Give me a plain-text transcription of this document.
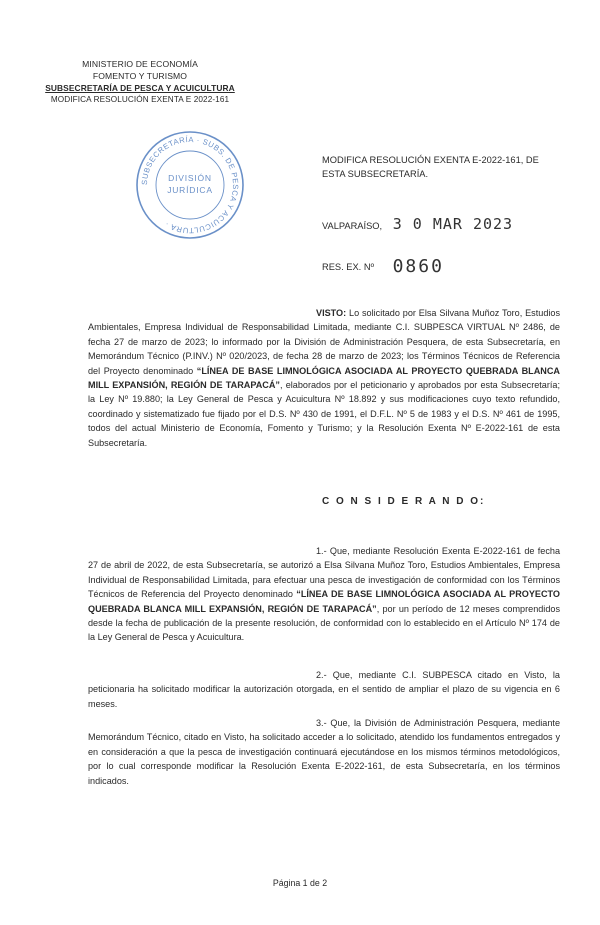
MINISTERIO DE ECONOMÍA
FOMENTO Y TURISMO
SUBSECRETARÍA DE PESCA Y ACUICULTURA
MODIFICA RESOLUCIÓN EXENTA E 2022-161
SUBSECRETARÍA · SUBS. DE PESCA Y ACUICULTURA ·
DIVISIÓN
JURÍDICA
MODIFICA RESOLUCIÓN EXENTA E-2022-161, DE ESTA SUBSECRETARÍA.
VALPARAÍSO, 3 0 MAR 2023
RES. EX. Nº 0860

VISTO: Lo solicitado por Elsa Silvana Muñoz Toro, Estudios Ambientales, Empresa Individual de Responsabilidad Limitada, mediante C.I. SUBPESCA VIRTUAL Nº 2486, de fecha 27 de marzo de 2023; lo informado por la División de Administración Pesquera, de esta Subsecretaría, en Memorándum Técnico (P.INV.) Nº 020/2023, de fecha 28 de marzo de 2023; los Términos Técnicos de Referencia del Proyecto denominado “LÍNEA DE BASE LIMNOLÓGICA ASOCIADA AL PROYECTO QUEBRADA BLANCA MILL EXPANSIÓN, REGIÓN DE TARAPACÁ”, elaborados por el peticionario y aprobados por esta Subsecretaría; la Ley Nº 19.880; la Ley General de Pesca y Acuicultura Nº 18.892 y sus modificaciones cuyo texto refundido, coordinado y sistematizado fue fijado por el D.S. Nº 430 de 1991, el D.F.L. Nº 5 de 1983 y el D.S. Nº 461 de 1995, todos del actual Ministerio de Economía, Fomento y Turismo; y la Resolución Exenta Nº E-2022-161 de esta Subsecretaría.

C O N S I D E R A N D O:

1.- Que, mediante Resolución Exenta E-2022-161 de fecha 27 de abril de 2022, de esta Subsecretaría, se autorizó a Elsa Silvana Muñoz Toro, Estudios Ambientales, Empresa Individual de Responsabilidad Limitada, para efectuar una pesca de investigación de conformidad con los Términos Técnicos de Referencia del Proyecto denominado “LÍNEA DE BASE LIMNOLÓGICA ASOCIADA AL PROYECTO QUEBRADA BLANCA MILL EXPANSIÓN, REGIÓN DE TARAPACÁ”, por un período de 12 meses comprendidos desde la fecha de publicación de la presente resolución, de conformidad con lo establecido en el Artículo Nº 174 de la Ley General de Pesca y Acuicultura.

2.- Que, mediante C.I. SUBPESCA citado en Visto, la peticionaria ha solicitado modificar la autorización otorgada, en el sentido de ampliar el plazo de su vigencia en 6 meses.

3.- Que, la División de Administración Pesquera, mediante Memorándum Técnico, citado en Visto, ha solicitado acceder a lo solicitado, atendido los fundamentos entregados y en consideración a que la pesca de investigación continuará ejecutándose en los mismos términos metodológicos, por lo cual corresponde modificar la Resolución Exenta E-2022-161, de esta Subsecretaría, en los términos indicados.

Página 1 de 2
